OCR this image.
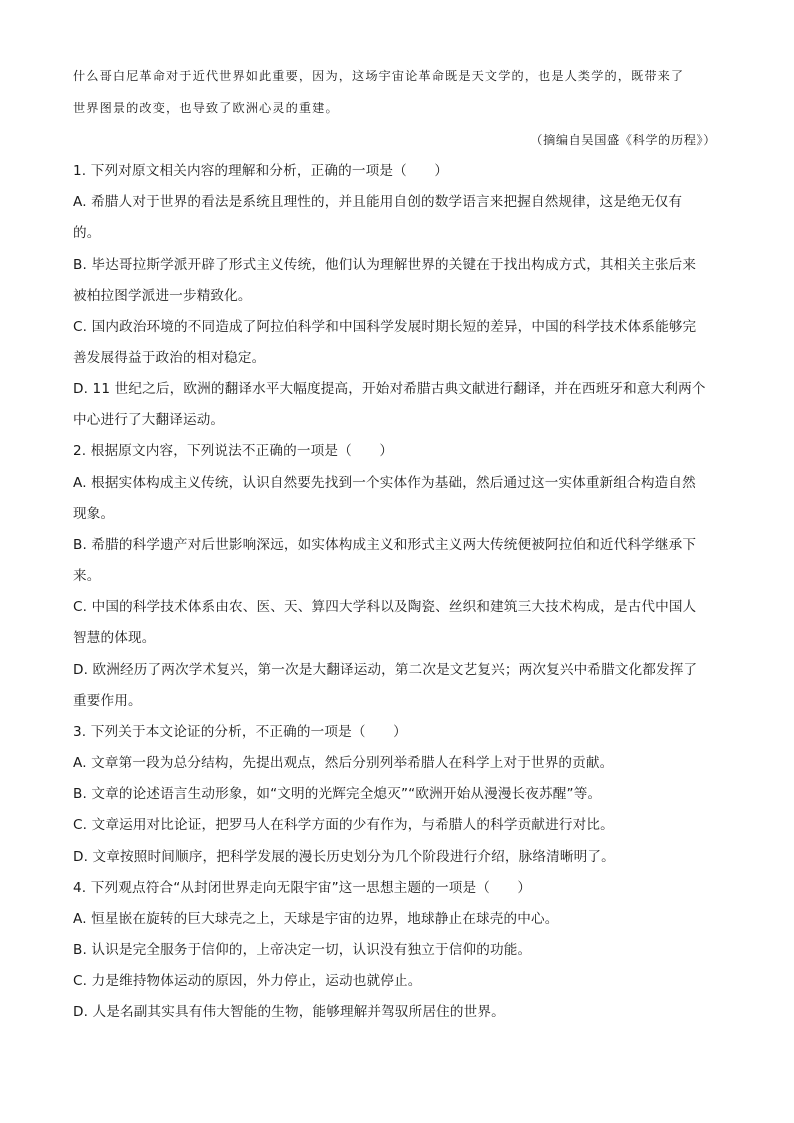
什么哥白尼革命对于近代世界如此重要，因为，这场宇宙论革命既是天文学的，也是人类学的，既带来了
世界图景的改变，也导致了欧洲心灵的重建。
（摘编自吴国盛《科学的历程》）
1. 下列对原文相关内容的理解和分析，正确的一项是（　　）
A. 希腊人对于世界的看法是系统且理性的，并且能用自创的数学语言来把握自然规律，这是绝无仅有
的。
B. 毕达哥拉斯学派开辟了形式主义传统，他们认为理解世界的关键在于找出构成方式，其相关主张后来
被柏拉图学派进一步精致化。
C. 国内政治环境的不同造成了阿拉伯科学和中国科学发展时期长短的差异，中国的科学技术体系能够完
善发展得益于政治的相对稳定。
D. 11 世纪之后，欧洲的翻译水平大幅度提高，开始对希腊古典文献进行翻译，并在西班牙和意大利两个
中心进行了大翻译运动。
2. 根据原文内容，下列说法不正确的一项是（　　）
A. 根据实体构成主义传统，认识自然要先找到一个实体作为基础，然后通过这一实体重新组合构造自然
现象。
B. 希腊的科学遗产对后世影响深远，如实体构成主义和形式主义两大传统便被阿拉伯和近代科学继承下
来。
C. 中国的科学技术体系由农、医、天、算四大学科以及陶瓷、丝织和建筑三大技术构成，是古代中国人
智慧的体现。
D. 欧洲经历了两次学术复兴，第一次是大翻译运动，第二次是文艺复兴；两次复兴中希腊文化都发挥了
重要作用。
3. 下列关于本文论证的分析，不正确的一项是（　　）
A. 文章第一段为总分结构，先提出观点，然后分别列举希腊人在科学上对于世界的贡献。
B. 文章的论述语言生动形象，如“文明的光辉完全熄灭”“欧洲开始从漫漫长夜苏醒”等。
C. 文章运用对比论证，把罗马人在科学方面的少有作为，与希腊人的科学贡献进行对比。
D. 文章按照时间顺序，把科学发展的漫长历史划分为几个阶段进行介绍，脉络清晰明了。
4. 下列观点符合“从封闭世界走向无限宇宙”这一思想主题的一项是（　　）
A. 恒星嵌在旋转的巨大球壳之上，天球是宇宙的边界，地球静止在球壳的中心。
B. 认识是完全服务于信仰的，上帝决定一切，认识没有独立于信仰的功能。
C. 力是维持物体运动的原因，外力停止，运动也就停止。
D. 人是名副其实具有伟大智能的生物，能够理解并驾驭所居住的世界。
